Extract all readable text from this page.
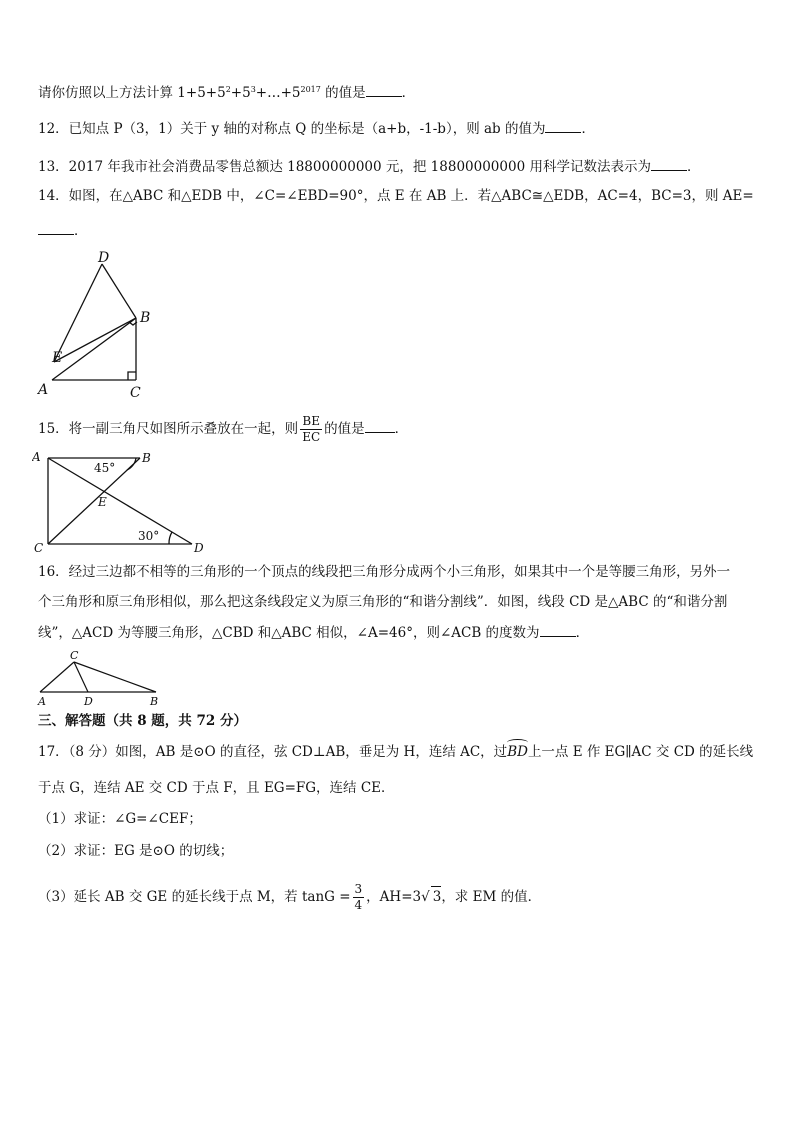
请你仿照以上方法计算 $1+5+5^2+5^3+\dots+5^{2017}$ 的值是	．
12．已知点 P（3，1）关于 y 轴的对称点 Q 的坐标是（a+b，-1-b），则 ab 的值为	．
13．2017 年我市社会消费品零售总额达 18800000000 元，把 18800000000 用科学记数法表示为	．
14．如图，在△ABC 和△EDB 中，∠C=∠EBD=90°，点 E 在 AB 上．若△ABC≅△EDB，AC=4，BC=3，则 AE=
．
D
B
E
A	C
15．将一副三角尺如图所示叠放在一起，则 $\frac{BE}{EC}$ 的值是 ．
A	B
C	D
E
45°
30°
16．经过三边都不相等的三角形的一个顶点的线段把三角形分成两个小三角形，如果其中一个是等腰三角形，另外一
个三角形和原三角形相似，那么把这条线段定义为原三角形的“和谐分割线”．如图，线段 CD 是△ABC 的“和谐分割
线”，△ACD 为等腰三角形，△CBD 和△ABC 相似，∠A=46°，则∠ACB 的度数为	．
C
A	D	B
三、解答题（共 8 题，共 72 分）
17．（8 分）如图，AB 是⊙O 的直径，弦 CD⊥AB，垂足为 H，连结 AC，过BD上一点 E 作 EG∥AC 交 CD 的延长线
于点 G，连结 AE 交 CD 于点 F，且 EG=FG，连结 CE．
（1）求证：∠G=∠CEF；
（2）求证：EG 是⊙O 的切线；
（3）延长 AB 交 GE 的延长线于点 M，若 $\tan G = \frac{3}{4}$ ，AH=3√ 3，求 EM 的值．
